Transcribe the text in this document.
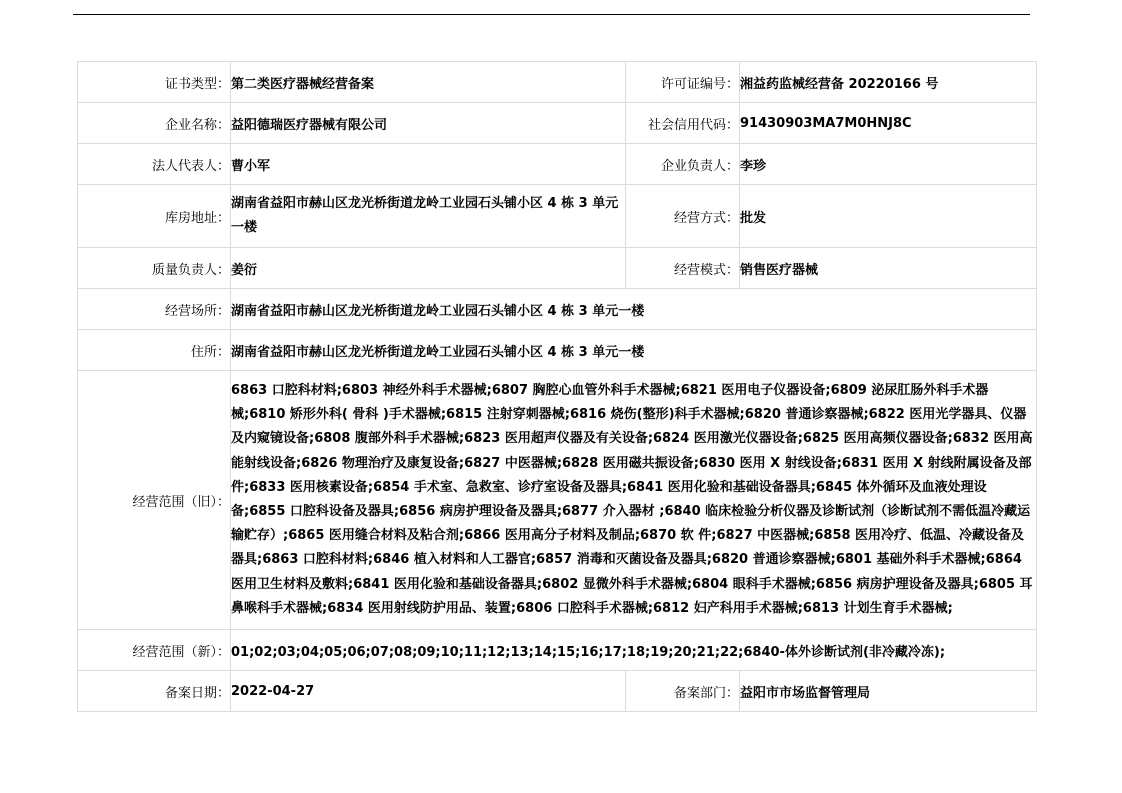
证书类型：	第二类医疗器械经营备案	许可证编号：	湘益药监械经营备 20220166 号
企业名称：	益阳德瑞医疗器械有限公司	社会信用代码：	91430903MA7M0HNJ8C
法人代表人：	曹小军	企业负责人：	李珍
库房地址：	湖南省益阳市赫山区龙光桥街道龙岭工业园石头铺小区 4 栋 3 单元一楼	经营方式：	批发
质量负责人：	姜衍	经营模式：	销售医疗器械
经营场所：	湖南省益阳市赫山区龙光桥街道龙岭工业园石头铺小区 4 栋 3 单元一楼		
住所：	湖南省益阳市赫山区龙光桥街道龙岭工业园石头铺小区 4 栋 3 单元一楼		
经营范围（旧）：	6863 口腔科材料;6803 神经外科手术器械;6807 胸腔心血管外科手术器械;6821 医用电子仪器设备;6809 泌尿肛肠外科手术器械;6810 矫形外科( 骨科 )手术器械;6815 注射穿刺器械;6816 烧伤(整形)科手术器械;6820 普通诊察器械;6822 医用光学器具、仪器及内窥镜设备;6808 腹部外科手术器械;6823 医用超声仪器及有关设备;6824 医用激光仪器设备;6825 医用高频仪器设备;6832 医用高能射线设备;6826 物理治疗及康复设备;6827 中医器械;6828 医用磁共振设备;6830 医用 X 射线设备;6831 医用 X 射线附属设备及部件;6833 医用核素设备;6854 手术室、急救室、诊疗室设备及器具;6841 医用化验和基础设备器具;6845 体外循环及血液处理设备;6855 口腔科设备及器具;6856 病房护理设备及器具;6877 介入器材 ;6840 临床检验分析仪器及诊断试剂（诊断试剂不需低温冷藏运输贮存）;6865 医用缝合材料及粘合剂;6866 医用高分子材料及制品;6870 软 件;6827 中医器械;6858 医用冷疗、低温、冷藏设备及器具;6863 口腔科材料;6846 植入材料和人工器官;6857 消毒和灭菌设备及器具;6820 普通诊察器械;6801 基础外科手术器械;6864 医用卫生材料及敷料;6841 医用化验和基础设备器具;6802 显微外科手术器械;6804 眼科手术器械;6856 病房护理设备及器具;6805 耳鼻喉科手术器械;6834 医用射线防护用品、装置;6806 口腔科手术器械;6812 妇产科用手术器械;6813 计划生育手术器械;		
经营范围（新）：	01;02;03;04;05;06;07;08;09;10;11;12;13;14;15;16;17;18;19;20;21;22;6840-体外诊断试剂(非冷藏冷冻);		
备案日期：	2022-04-27	备案部门：	益阳市市场监督管理局
